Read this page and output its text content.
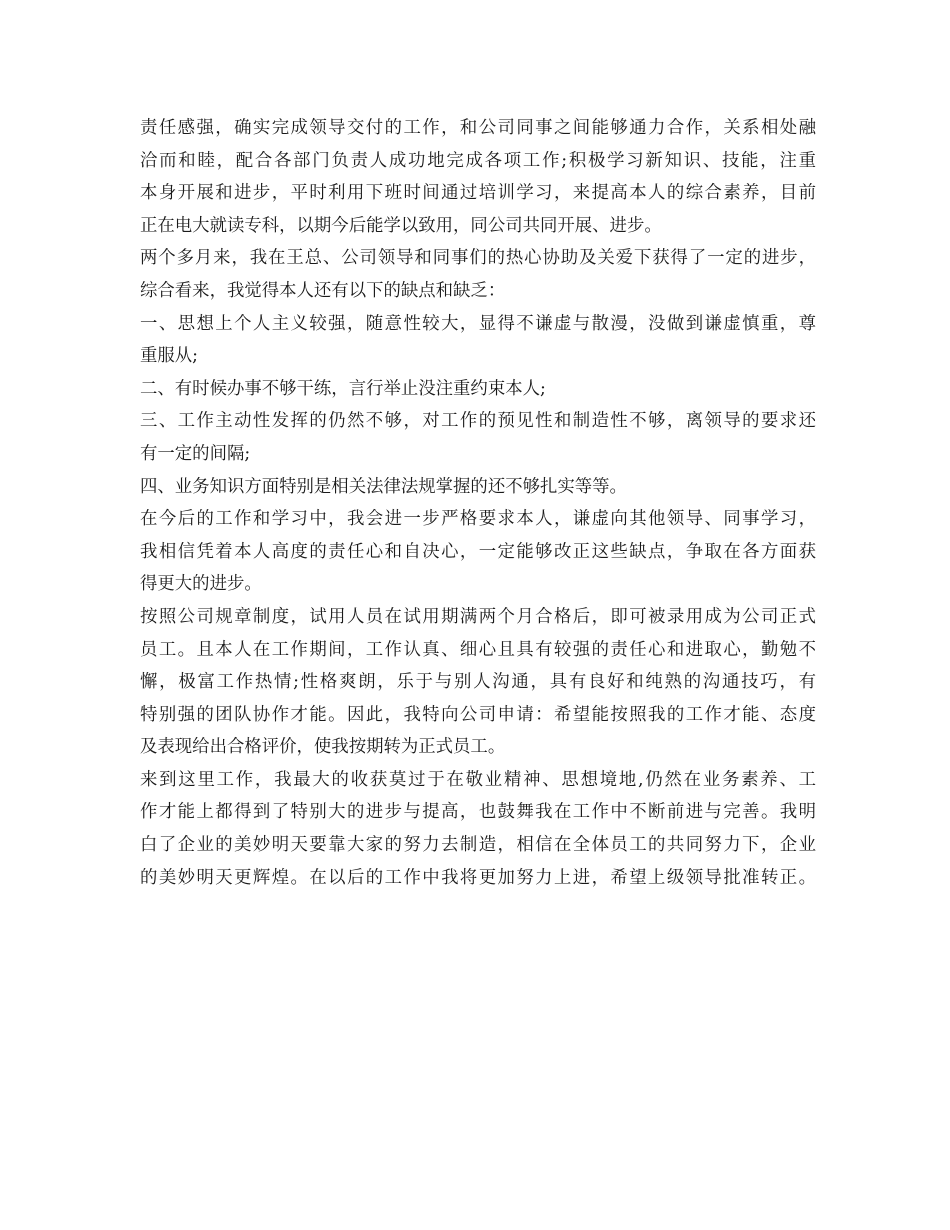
责任感强，确实完成领导交付的工作，和公司同事之间能够通力合作，关系相处融
洽而和睦，配合各部门负责人成功地完成各项工作;积极学习新知识、技能，注重
本身开展和进步，平时利用下班时间通过培训学习，来提高本人的综合素养，目前
正在电大就读专科，以期今后能学以致用，同公司共同开展、进步。
两个多月来，我在王总、公司领导和同事们的热心协助及关爱下获得了一定的进步，
综合看来，我觉得本人还有以下的缺点和缺乏：
一、思想上个人主义较强，随意性较大，显得不谦虚与散漫，没做到谦虚慎重，尊
重服从;
二、有时候办事不够干练，言行举止没注重约束本人;
三、工作主动性发挥的仍然不够，对工作的预见性和制造性不够，离领导的要求还
有一定的间隔;
四、业务知识方面特别是相关法律法规掌握的还不够扎实等等。
在今后的工作和学习中，我会进一步严格要求本人，谦虚向其他领导、同事学习，
我相信凭着本人高度的责任心和自决心，一定能够改正这些缺点，争取在各方面获
得更大的进步。
按照公司规章制度，试用人员在试用期满两个月合格后，即可被录用成为公司正式
员工。且本人在工作期间，工作认真、细心且具有较强的责任心和进取心，勤勉不
懈，极富工作热情;性格爽朗，乐于与别人沟通，具有良好和纯熟的沟通技巧，有
特别强的团队协作才能。因此，我特向公司申请：希望能按照我的工作才能、态度
及表现给出合格评价，使我按期转为正式员工。
来到这里工作，我最大的收获莫过于在敬业精神、思想境地,仍然在业务素养、工
作才能上都得到了特别大的进步与提高，也鼓舞我在工作中不断前进与完善。我明
白了企业的美妙明天要靠大家的努力去制造，相信在全体员工的共同努力下，企业
的美妙明天更辉煌。在以后的工作中我将更加努力上进，希望上级领导批准转正。
